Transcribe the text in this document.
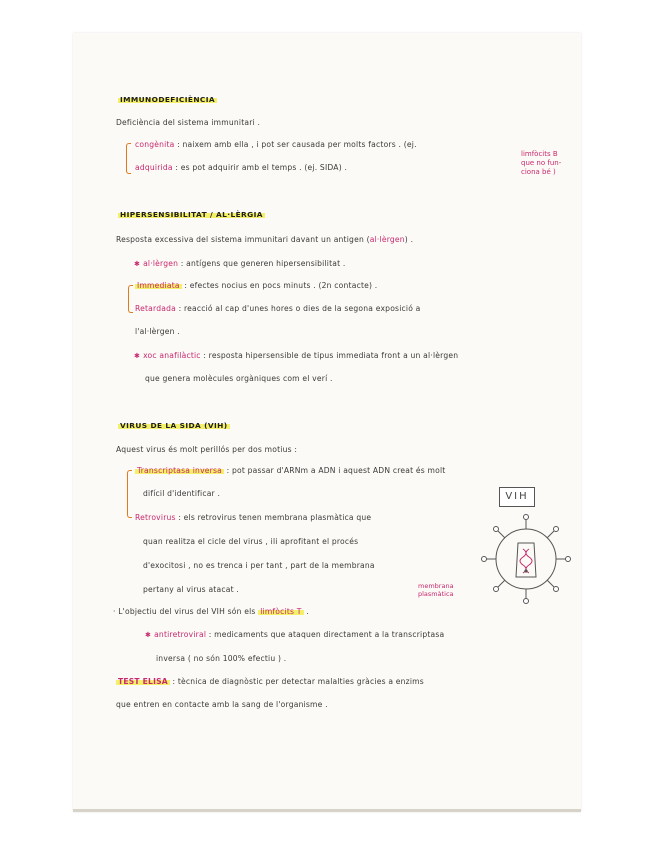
IMMUNODEFICIÈNCIA
Deficiència del sistema immunitari .
congènita : naixem amb ella , i pot ser causada per molts factors . (ej.
adquirida : es pot adquirir amb el temps . (ej. SIDA) .
limfòcits B
que no fun-
ciona bé )
HIPERSENSIBILITAT / AL·LÈRGIA
Resposta excessiva del sistema immunitari davant un antigen (al·lèrgen) .
✱ al·lèrgen : antígens que generen hipersensibilitat .
Immediata : efectes nocius en pocs minuts . (2n contacte) .
Retardada : reacció al cap d'unes hores o dies de la segona exposició a
l'al·lèrgen .
✱ xoc anafilàctic : resposta hipersensible de tipus immediata front a un al·lèrgen
que genera molècules orgàniques com el verí .
VIRUS DE LA SIDA (VIH)
Aquest virus és molt perillós per dos motius :
Transcriptasa inversa : pot passar d'ARNm a ADN i aquest ADN creat és molt
difícil d'identificar .
Retrovirus : els retrovirus tenen membrana plasmàtica que
quan realitza el cicle del virus , ili aprofitant el procés
d'exocitosi , no es trenca i per tant , part de la membrana
pertany al virus atacat .
VIH
membrana
plasmàtica
· L'objectiu del virus del VIH són els limfòcits T .
✱ antiretroviral : medicaments que ataquen directament a la transcriptasa
inversa ( no són 100% efectiu ) .
TEST ELISA : tècnica de diagnòstic per detectar malalties gràcies a enzims
que entren en contacte amb la sang de l'organisme .
